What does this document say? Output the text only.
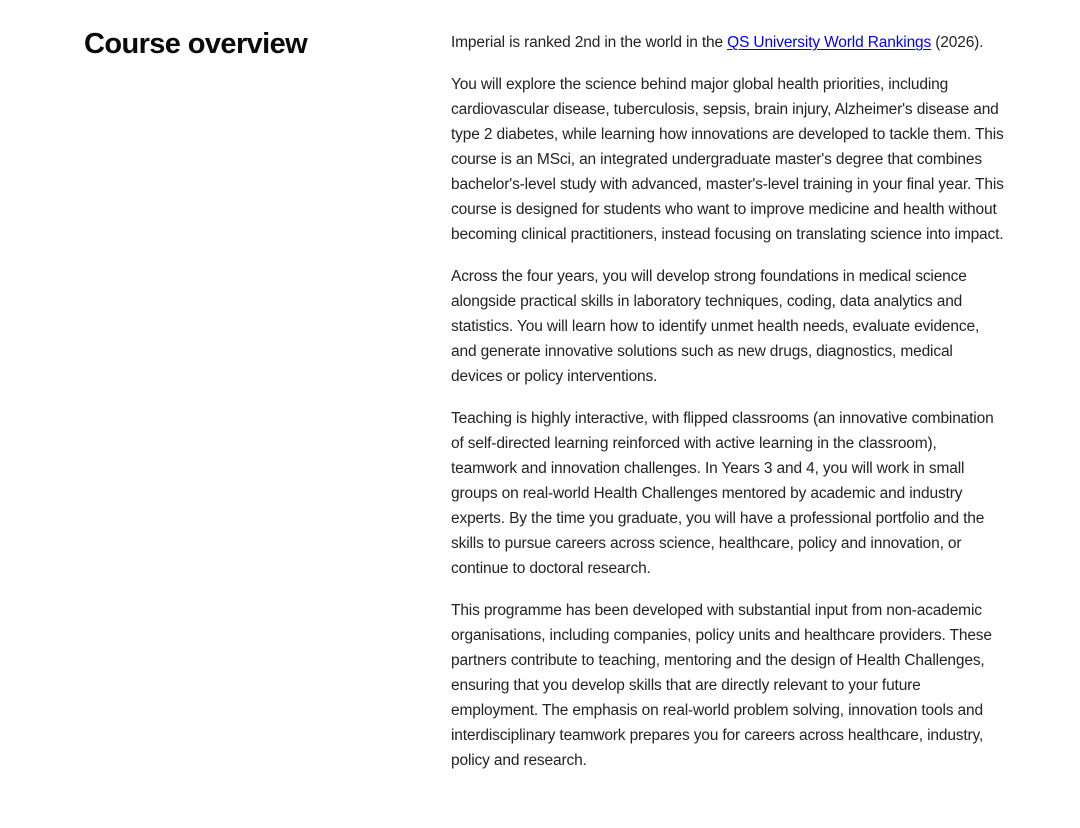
Course overview	Imperial is ranked 2nd in the world in the QS University World Rankings (2026).

You will explore the science behind major global health priorities, including cardiovascular disease, tuberculosis, sepsis, brain injury, Alzheimer's disease and type 2 diabetes, while learning how innovations are developed to tackle them. This course is an MSci, an integrated undergraduate master's degree that combines bachelor's-level study with advanced, master's-level training in your final year. This course is designed for students who want to improve medicine and health without becoming clinical practitioners, instead focusing on translating science into impact.

Across the four years, you will develop strong foundations in medical science alongside practical skills in laboratory techniques, coding, data analytics and statistics. You will learn how to identify unmet health needs, evaluate evidence, and generate innovative solutions such as new drugs, diagnostics, medical devices or policy interventions.

Teaching is highly interactive, with flipped classrooms (an innovative combination of self-directed learning reinforced with active learning in the classroom), teamwork and innovation challenges. In Years 3 and 4, you will work in small groups on real-world Health Challenges mentored by academic and industry experts. By the time you graduate, you will have a professional portfolio and the skills to pursue careers across science, healthcare, policy and innovation, or continue to doctoral research.

This programme has been developed with substantial input from non-academic organisations, including companies, policy units and healthcare providers. These partners contribute to teaching, mentoring and the design of Health Challenges, ensuring that you develop skills that are directly relevant to your future employment. The emphasis on real-world problem solving, innovation tools and interdisciplinary teamwork prepares you for careers across healthcare, industry, policy and research.
